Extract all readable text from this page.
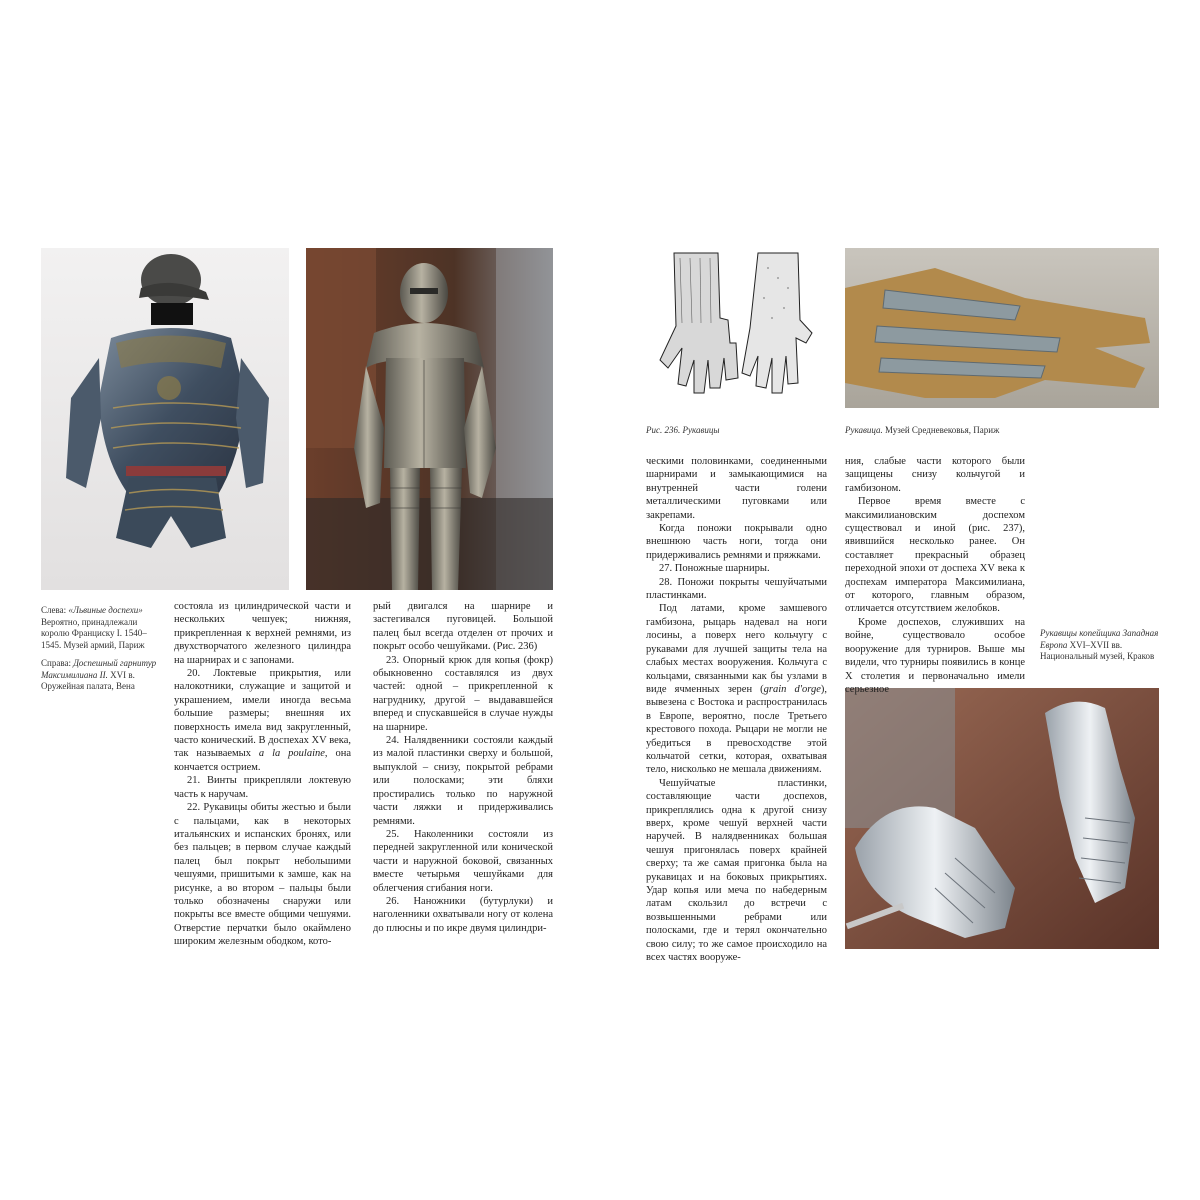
Слева: «Львиные доспехи» Вероятно, принадлежали королю Франциску I. 1540–1545. Музей армий, Париж

Справа: Доспешный гарнитур Максимилиана II. XVI в. Оружейная палата, Вена

состояла из цилиндрической части и нескольких чешуек; нижняя, прикрепленная к верхней ремнями, из двухстворчатого железного цилиндра на шарнирах и с запонами.

20. Локтевые прикрытия, или налокотники, служащие и защитой и украшением, имели иногда весьма большие размеры; внешняя их поверхность имела вид закругленный, часто конический. В доспехах XV века, так называемых a la poulaine, она кончается острием.

21. Винты прикрепляли локтевую часть к наручам.

22. Рукавицы обиты жестью и были с пальцами, как в некоторых итальянских и испанских бронях, или без пальцев; в первом случае каждый палец был покрыт небольшими чешуями, пришитыми к замше, как на рисунке, а во втором – пальцы были только обозначены снаружи или покрыты все вместе общими чешуями. Отверстие перчатки было окаймлено широким железным ободком, кото-

рый двигался на шарнире и застегивался пуговицей. Большой палец был всегда отделен от прочих и покрыт особо чешуйками. (Рис. 236)

23. Опорный крюк для копья (фокр) обыкновенно составлялся из двух частей: одной – прикрепленной к нагруднику, другой – выдававшейся вперед и спускавшейся в случае нужды на шарнире.

24. Налядвенники состояли каждый из малой пластинки сверху и большой, выпуклой – снизу, покрытой ребрами или полосками; эти бляхи простирались только по наружной части ляжки и придерживались ремнями.

25. Наколенники состояли из передней закругленной или конической части и наружной боковой, связанных вместе четырьмя чешуйками для облегчения сгибания ноги.

26. Наножники (бутурлуки) и наголенники охватывали ногу от колена до плюсны и по икре двумя цилиндри-

Рис. 236. Рукавицы	Рукавица. Музей Средневековья, Париж
Рукавицы копейщика Западная Европа XVI–XVII вв. Национальный музей, Краков

ческими половинками, соединенными шарнирами и замыкающимися на внутренней части голени металлическими пуговками или закрепами.

Когда поножи покрывали одно внешнюю часть ноги, тогда они придерживались ремнями и пряжками.

27. Поножные шарниры.

28. Поножи покрыты чешуйчатыми пластинками.

Под латами, кроме замшевого гамбизона, рыцарь надевал на ноги лосины, а поверх него кольчугу с рукавами для лучшей защиты тела на слабых местах вооружения. Кольчуга с кольцами, связанными как бы узлами в виде ячменных зерен (grain d'orge), вывезена с Востока и распространилась в Европе, вероятно, после Третьего крестового похода. Рыцари не могли не убедиться в превосходстве этой кольчатой сетки, которая, охватывая тело, нисколько не мешала движениям.

Чешуйчатые пластинки, составляющие части доспехов, прикреплялись одна к другой снизу вверх, кроме чешуй верхней части наручей. В налядвенниках большая чешуя пригонялась поверх крайней сверху; та же самая пригонка была на рукавицах и на боковых прикрытиях. Удар копья или меча по набедерным латам скользил до встречи с возвышенными ребрами или полосками, где и терял окончательно свою силу; то же самое происходило на всех частях вооруже-

ния, слабые части которого были защищены снизу кольчугой и гамбизоном.

Первое время вместе с максимилиановским доспехом существовал и иной (рис. 237), явившийся несколько ранее. Он составляет прекрасный образец переходной эпохи от доспеха XV века к доспехам императора Максимилиана, от которого, главным образом, отличается отсутствием желобков.

Кроме доспехов, служивших на войне, существовало особое вооружение для турниров. Выше мы видели, что турниры появились в конце X столетия и первоначально имели серьезное
